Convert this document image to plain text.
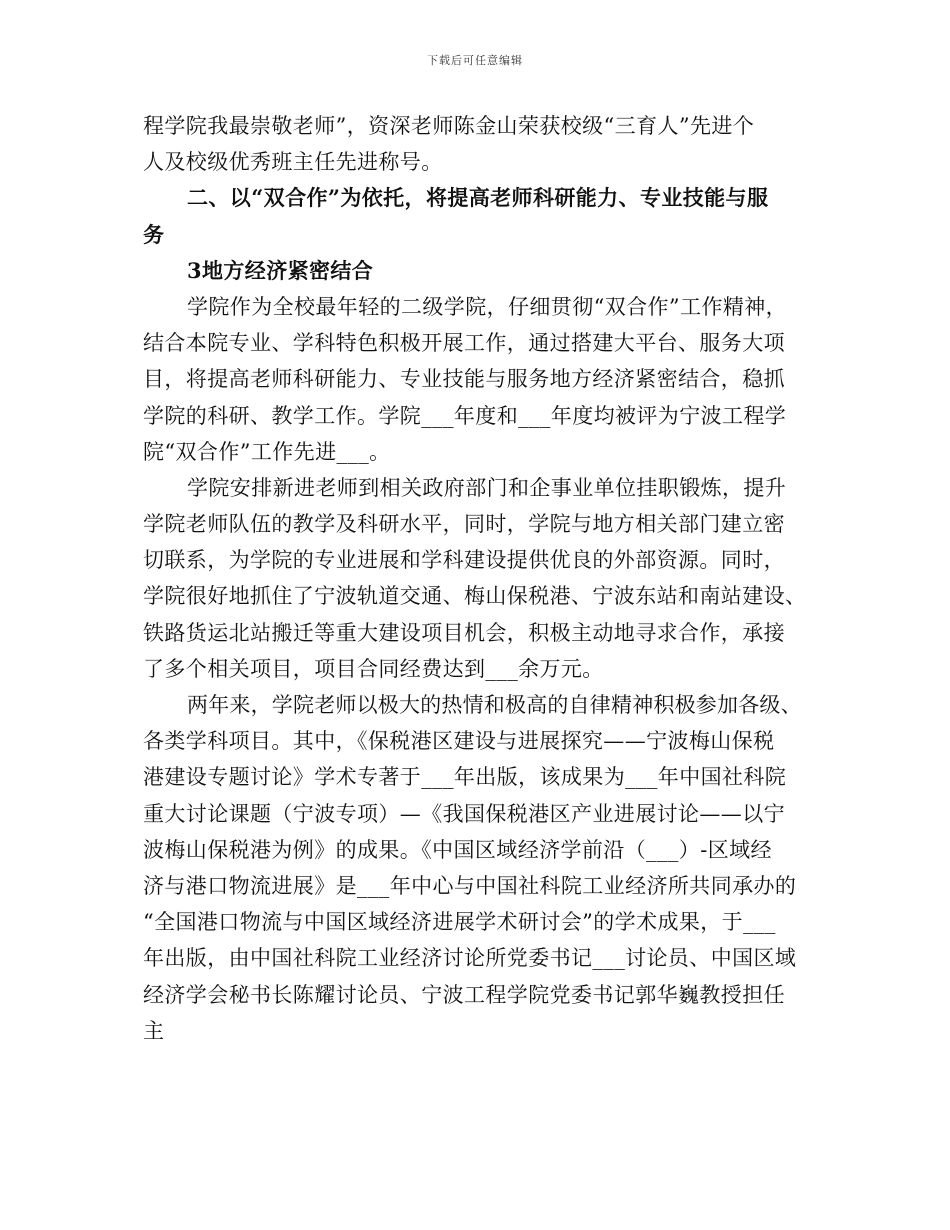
下载后可任意编辑
程学院我最崇敬老师”，资深老师陈金山荣获校级“三育人”先进个
人及校级优秀班主任先进称号。
二、以“双合作”为依托，将提高老师科研能力、专业技能与服
务
3地方经济紧密结合
学院作为全校最年轻的二级学院，仔细贯彻“双合作”工作精神，
结合本院专业、学科特色积极开展工作，通过搭建大平台、服务大项
目，将提高老师科研能力、专业技能与服务地方经济紧密结合，稳抓
学院的科研、教学工作。学院___年度和___年度均被评为宁波工程学
院“双合作”工作先进___。
学院安排新进老师到相关政府部门和企事业单位挂职锻炼，提升
学院老师队伍的教学及科研水平，同时，学院与地方相关部门建立密
切联系，为学院的专业进展和学科建设提供优良的外部资源。同时，
学院很好地抓住了宁波轨道交通、梅山保税港、宁波东站和南站建设、
铁路货运北站搬迁等重大建设项目机会，积极主动地寻求合作，承接
了多个相关项目，项目合同经费达到___余万元。
两年来，学院老师以极大的热情和极高的自律精神积极参加各级、
各类学科项目。其中，《保税港区建设与进展探究——宁波梅山保税
港建设专题讨论》学术专著于___年出版，该成果为___年中国社科院
重大讨论课题（宁波专项）—《我国保税港区产业进展讨论——以宁
波梅山保税港为例》的成果。《中国区域经济学前沿（___）-区域经
济与港口物流进展》是___年中心与中国社科院工业经济所共同承办的
“全国港口物流与中国区域经济进展学术研讨会”的学术成果，于___
年出版，由中国社科院工业经济讨论所党委书记___讨论员、中国区域
经济学会秘书长陈耀讨论员、宁波工程学院党委书记郭华巍教授担任
主
